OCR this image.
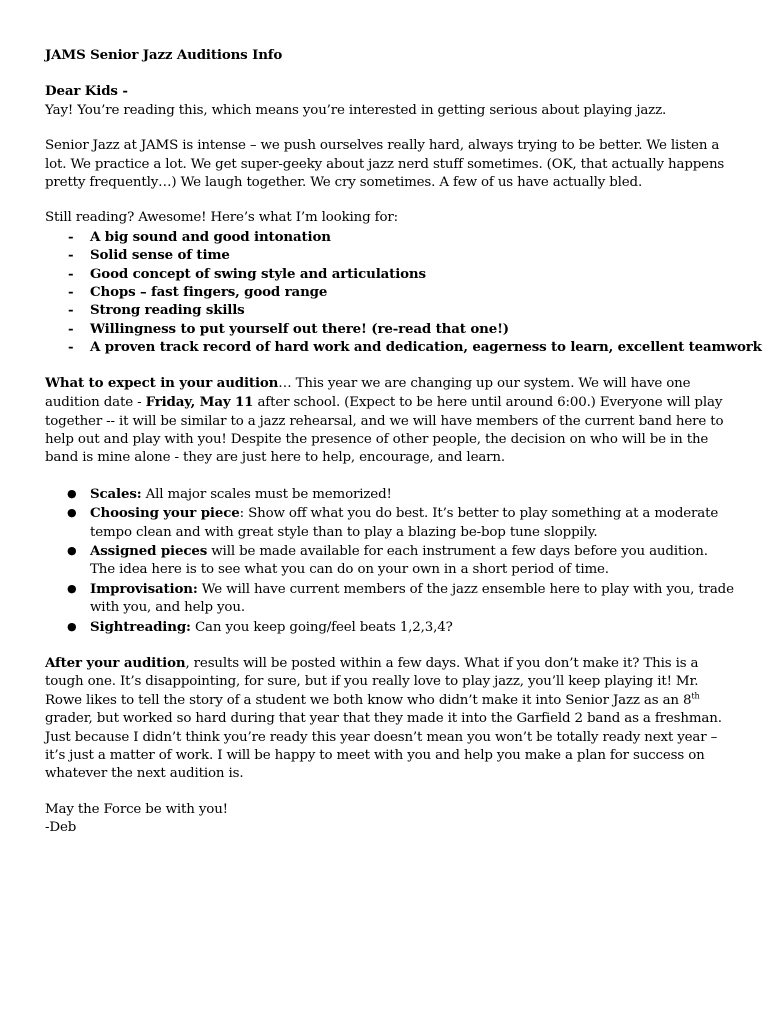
JAMS Senior Jazz Auditions Info

Dear Kids -

Yay! You’re reading this, which means you’re interested in getting serious about playing jazz.

Senior Jazz at JAMS is intense – we push ourselves really hard, always trying to be better. We listen a lot. We practice a lot. We get super-geeky about jazz nerd stuff sometimes. (OK, that actually happens pretty frequently…) We laugh together. We cry sometimes. A few of us have actually bled.

Still reading? Awesome! Here’s what I’m looking for:

- A big sound and good intonation
- Solid sense of time
- Good concept of swing style and articulations
- Chops – fast fingers, good range
- Strong reading skills
- Willingness to put yourself out there! (re-read that one!)
- A proven track record of hard work and dedication, eagerness to learn, excellent teamwork

What to expect in your audition… This year we are changing up our system. We will have one audition date - Friday, May 11 after school. (Expect to be here until around 6:00.) Everyone will play together -- it will be similar to a jazz rehearsal, and we will have members of the current band here to help out and play with you! Despite the presence of other people, the decision on who will be in the band is mine alone - they are just here to help, encourage, and learn.

● Scales: All major scales must be memorized!
● Choosing your piece: Show off what you do best. It’s better to play something at a moderate tempo clean and with great style than to play a blazing be-bop tune sloppily.
● Assigned pieces will be made available for each instrument a few days before you audition. The idea here is to see what you can do on your own in a short period of time.
● Improvisation: We will have current members of the jazz ensemble here to play with you, trade with you, and help you.
● Sightreading: Can you keep going/feel beats 1,2,3,4?

After your audition, results will be posted within a few days. What if you don’t make it? This is a tough one. It’s disappointing, for sure, but if you really love to play jazz, you’ll keep playing it! Mr. Rowe likes to tell the story of a student we both know who didn’t make it into Senior Jazz as an 8th grader, but worked so hard during that year that they made it into the Garfield 2 band as a freshman. Just because I didn’t think you’re ready this year doesn’t mean you won’t be totally ready next year – it’s just a matter of work. I will be happy to meet with you and help you make a plan for success on whatever the next audition is.

May the Force be with you!

-Deb
